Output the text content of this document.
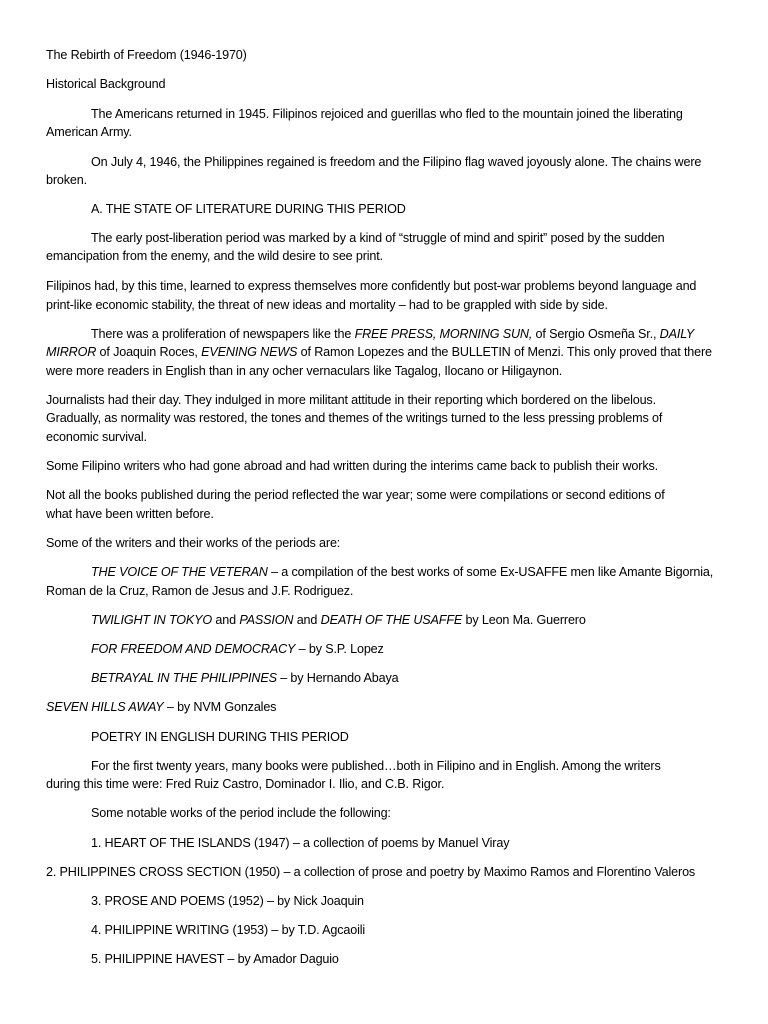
The Rebirth of Freedom (1946-1970)
Historical Background
The Americans returned in 1945. Filipinos rejoiced and guerillas who fled to the mountain joined the liberating
American Army.
On July 4, 1946, the Philippines regained is freedom and the Filipino flag waved joyously alone. The chains were
broken.
A. THE STATE OF LITERATURE DURING THIS PERIOD
The early post-liberation period was marked by a kind of “struggle of mind and spirit” posed by the sudden
emancipation from the enemy, and the wild desire to see print.
Filipinos had, by this time, learned to express themselves more confidently but post-war problems beyond language and
print-like economic stability, the threat of new ideas and mortality – had to be grappled with side by side.
There was a proliferation of newspapers like the FREE PRESS, MORNING SUN, of Sergio Osmeña Sr., DAILY
MIRROR of Joaquin Roces, EVENING NEWS of Ramon Lopezes and the BULLETIN of Menzi. This only proved that there
were more readers in English than in any ocher vernaculars like Tagalog, Ilocano or Hiligaynon.
Journalists had their day. They indulged in more militant attitude in their reporting which bordered on the libelous.
Gradually, as normality was restored, the tones and themes of the writings turned to the less pressing problems of
economic survival.
Some Filipino writers who had gone abroad and had written during the interims came back to publish their works.
Not all the books published during the period reflected the war year; some were compilations or second editions of
what have been written before.
Some of the writers and their works of the periods are:
THE VOICE OF THE VETERAN – a compilation of the best works of some Ex-USAFFE men like Amante Bigornia,
Roman de la Cruz, Ramon de Jesus and J.F. Rodriguez.
TWILIGHT IN TOKYO and PASSION and DEATH OF THE USAFFE by Leon Ma. Guerrero
FOR FREEDOM AND DEMOCRACY – by S.P. Lopez
BETRAYAL IN THE PHILIPPINES – by Hernando Abaya
SEVEN HILLS AWAY – by NVM Gonzales
POETRY IN ENGLISH DURING THIS PERIOD
For the first twenty years, many books were published…both in Filipino and in English. Among the writers
during this time were: Fred Ruiz Castro, Dominador I. Ilio, and C.B. Rigor.
Some notable works of the period include the following:
1. HEART OF THE ISLANDS (1947) – a collection of poems by Manuel Viray
2. PHILIPPINES CROSS SECTION (1950) – a collection of prose and poetry by Maximo Ramos and Florentino Valeros
3. PROSE AND POEMS (1952) – by Nick Joaquin
4. PHILIPPINE WRITING (1953) – by T.D. Agcaoili
5. PHILIPPINE HAVEST – by Amador Daguio
